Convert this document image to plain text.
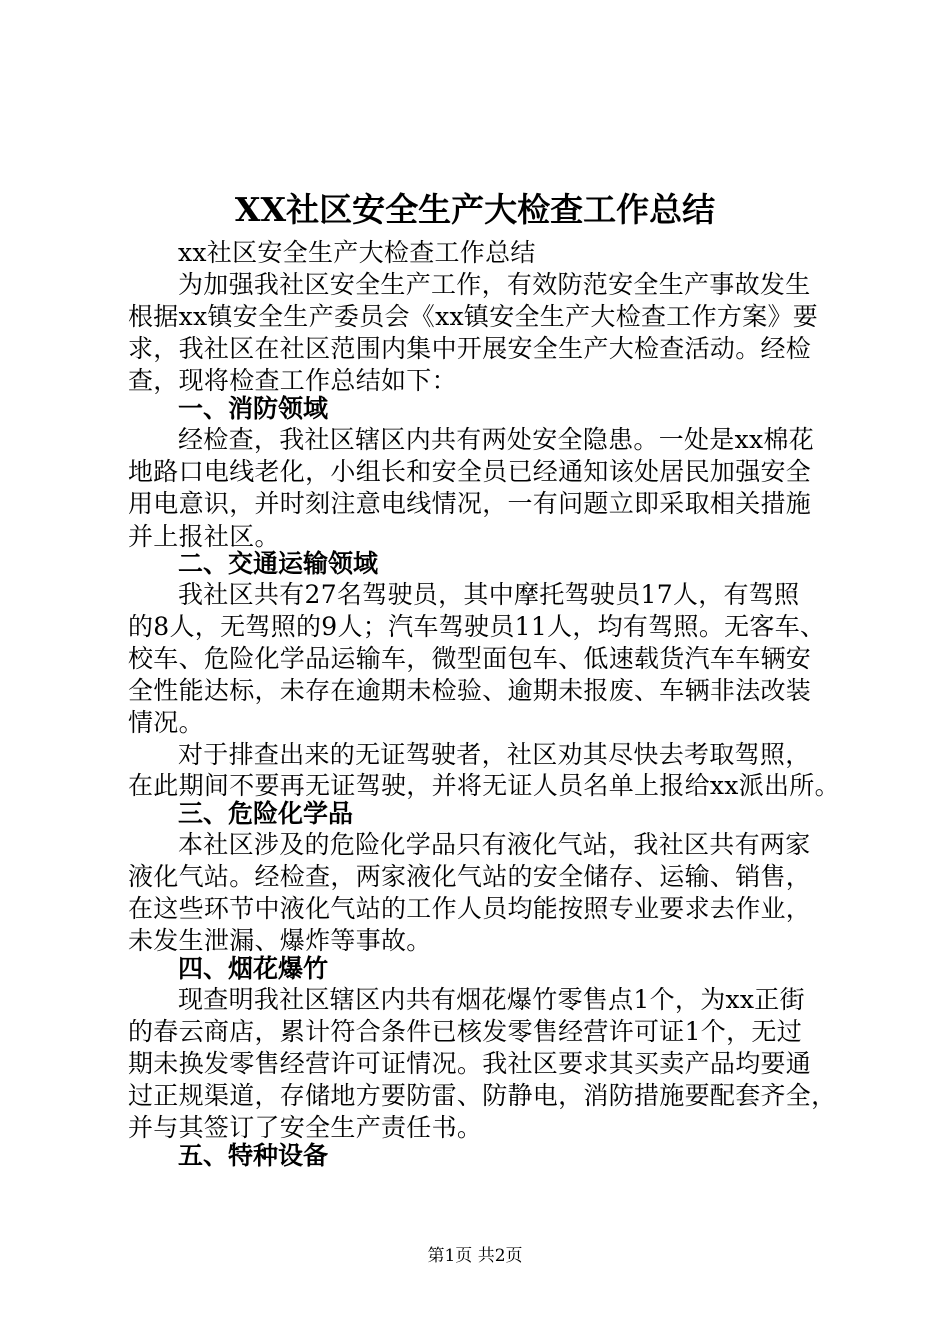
XX社区安全生产大检查工作总结
xx社区安全生产大检查工作总结
为加强我社区安全生产工作，有效防范安全生产事故发生
根据xx镇安全生产委员会《xx镇安全生产大检查工作方案》要
求，我社区在社区范围内集中开展安全生产大检查活动。经检
查，现将检查工作总结如下：
一、消防领域
经检查，我社区辖区内共有两处安全隐患。一处是xx棉花
地路口电线老化，小组长和安全员已经通知该处居民加强安全
用电意识，并时刻注意电线情况，一有问题立即采取相关措施
并上报社区。
二、交通运输领域
我社区共有27名驾驶员，其中摩托驾驶员17人，有驾照
的8人，无驾照的9人；汽车驾驶员11人，均有驾照。无客车、
校车、危险化学品运输车，微型面包车、低速载货汽车车辆安
全性能达标，未存在逾期未检验、逾期未报废、车辆非法改装
情况。
对于排查出来的无证驾驶者，社区劝其尽快去考取驾照，
在此期间不要再无证驾驶，并将无证人员名单上报给xx派出所。
三、危险化学品
本社区涉及的危险化学品只有液化气站，我社区共有两家
液化气站。经检查，两家液化气站的安全储存、运输、销售，
在这些环节中液化气站的工作人员均能按照专业要求去作业，
未发生泄漏、爆炸等事故。
四、烟花爆竹
现查明我社区辖区内共有烟花爆竹零售点1个，为xx正街
的春云商店，累计符合条件已核发零售经营许可证1个，无过
期未换发零售经营许可证情况。我社区要求其买卖产品均要通
过正规渠道，存储地方要防雷、防静电，消防措施要配套齐全，
并与其签订了安全生产责任书。
五、特种设备
第1页 共2页
